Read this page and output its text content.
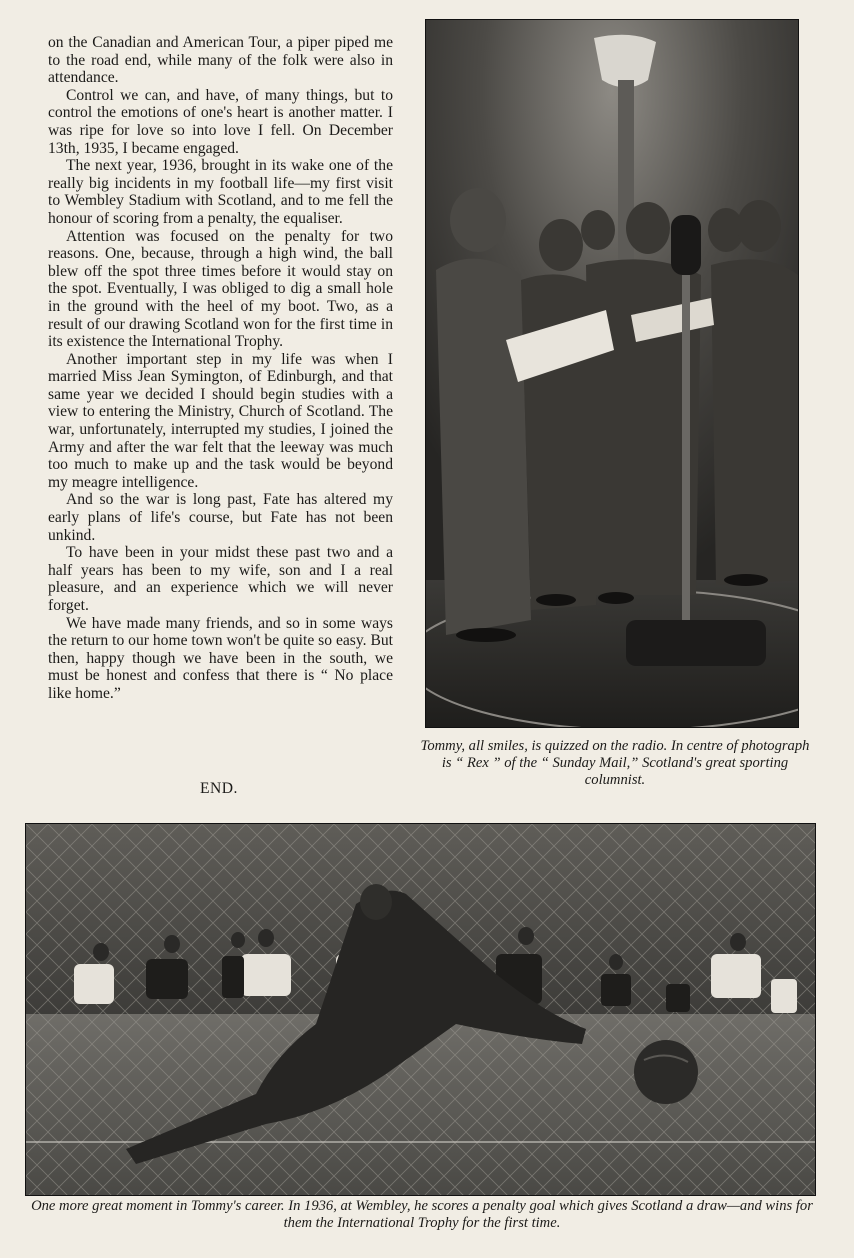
on the Canadian and American Tour, a piper piped me to the road end, while many of the folk were also in attendance.

Control we can, and have, of many things, but to control the emotions of one's heart is another matter. I was ripe for love so into love I fell. On December 13th, 1935, I became engaged.

The next year, 1936, brought in its wake one of the really big incidents in my football life—my first visit to Wembley Stadium with Scotland, and to me fell the honour of scoring from a penalty, the equaliser.

Attention was focused on the penalty for two reasons. One, because, through a high wind, the ball blew off the spot three times before it would stay on the spot. Eventually, I was obliged to dig a small hole in the ground with the heel of my boot. Two, as a result of our drawing Scotland won for the first time in its existence the International Trophy.

Another important step in my life was when I married Miss Jean Symington, of Edinburgh, and that same year we decided I should begin studies with a view to entering the Ministry, Church of Scotland. The war, unfortunately, interrupted my studies, I joined the Army and after the war felt that the leeway was much too much to make up and the task would be beyond my meagre intelligence.

And so the war is long past, Fate has altered my early plans of life's course, but Fate has not been unkind.

To have been in your midst these past two and a half years has been to my wife, son and I a real pleasure, and an experience which we will never forget.

We have made many friends, and so in some ways the return to our home town won't be quite so easy. But then, happy though we have been in the south, we must be honest and confess that there is “ No place like home.”

END.
Tommy, all smiles, is quizzed on the radio. In centre of photograph is “ Rex ” of the “ Sunday Mail,” Scotland's great sporting columnist.
One more great moment in Tommy's career. In 1936, at Wembley, he scores a penalty goal which gives Scotland a draw—and wins for them the International Trophy for the first time.
